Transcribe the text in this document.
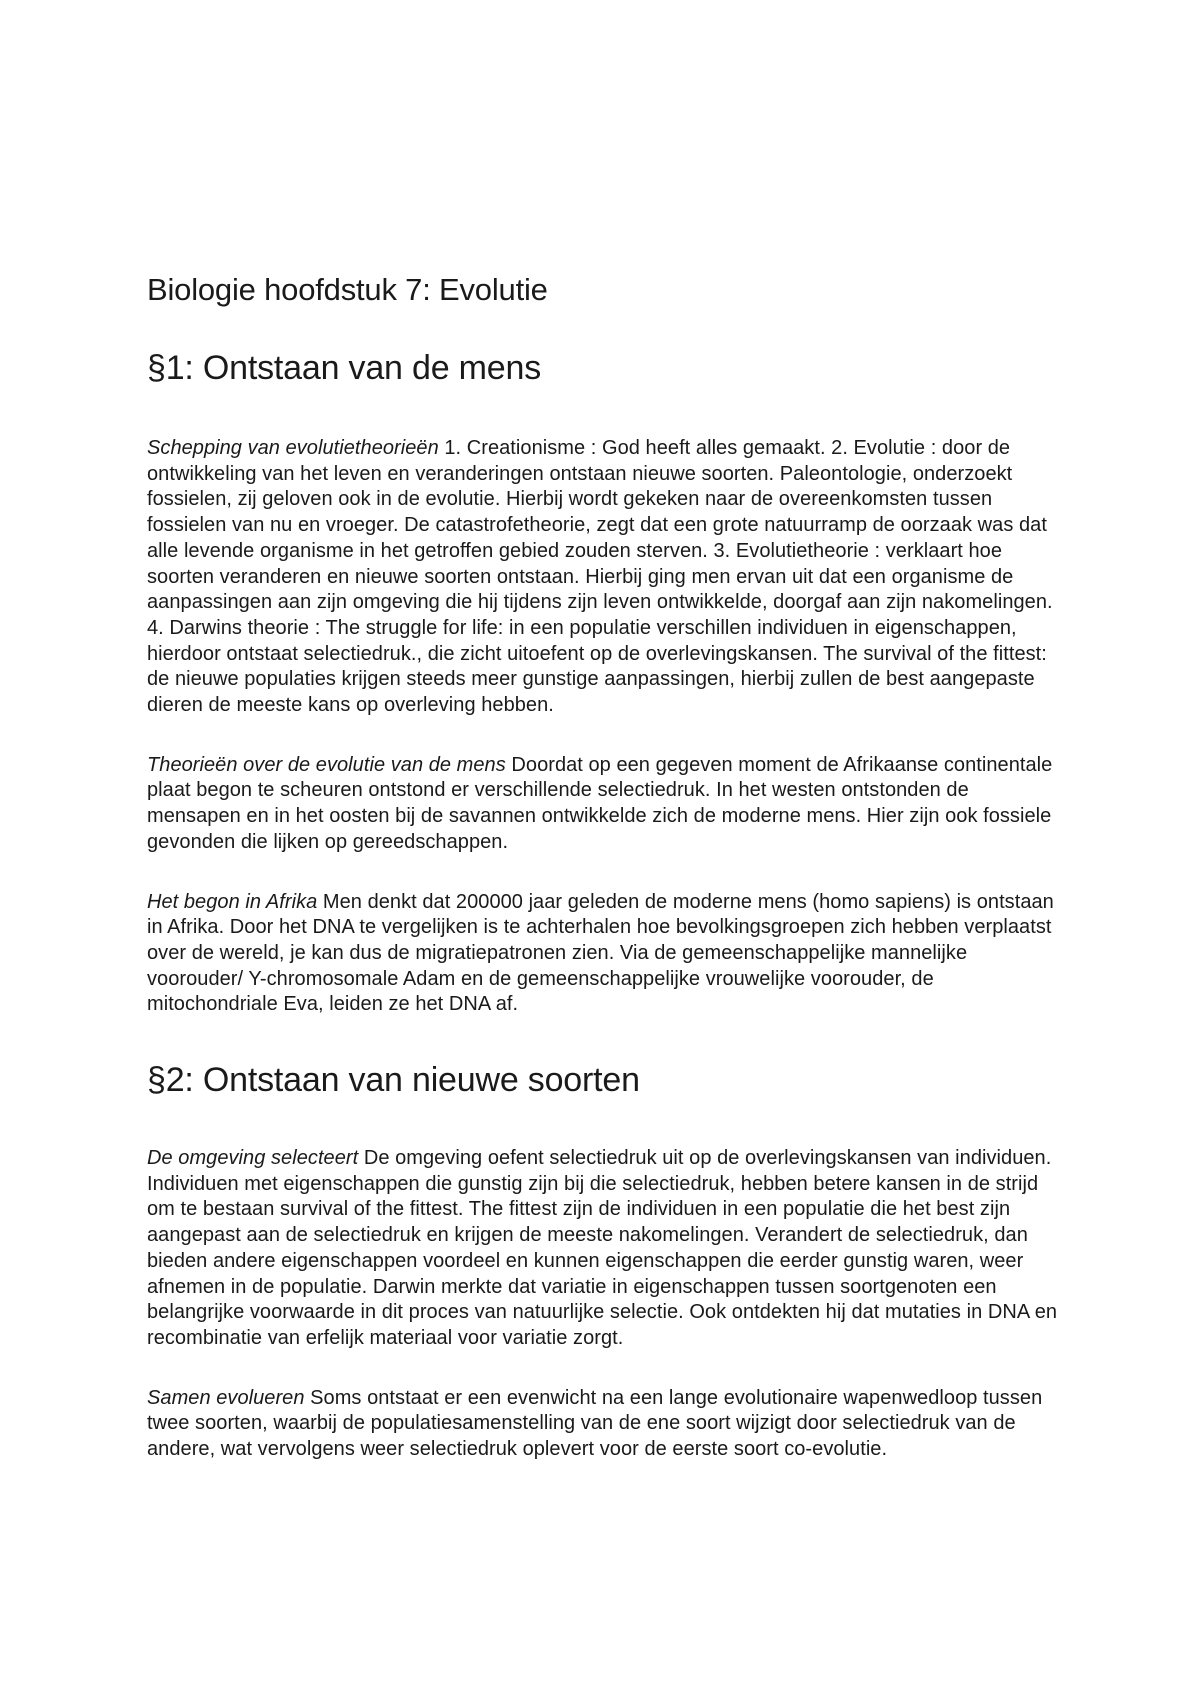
Biologie hoofdstuk 7: Evolutie
§1: Ontstaan van de mens

Schepping van evolutietheorieën 1. Creationisme : God heeft alles gemaakt. 2. Evolutie : door de ontwikkeling van het leven en veranderingen ontstaan nieuwe soorten. Paleontologie, onderzoekt fossielen, zij geloven ook in de evolutie. Hierbij wordt gekeken naar de overeenkomsten tussen fossielen van nu en vroeger. De catastrofetheorie, zegt dat een grote natuurramp de oorzaak was dat alle levende organisme in het getroffen gebied zouden sterven. 3. Evolutietheorie : verklaart hoe soorten veranderen en nieuwe soorten ontstaan. Hierbij ging men ervan uit dat een organisme de aanpassingen aan zijn omgeving die hij tijdens zijn leven ontwikkelde, doorgaf aan zijn nakomelingen. 4. Darwins theorie : The struggle for life: in een populatie verschillen individuen in eigenschappen, hierdoor ontstaat selectiedruk., die zicht uitoefent op de overlevingskansen. The survival of the fittest: de nieuwe populaties krijgen steeds meer gunstige aanpassingen, hierbij zullen de best aangepaste dieren de meeste kans op overleving hebben.

Theorieën over de evolutie van de mens Doordat op een gegeven moment de Afrikaanse continentale plaat begon te scheuren ontstond er verschillende selectiedruk. In het westen ontstonden de mensapen en in het oosten bij de savannen ontwikkelde zich de moderne mens. Hier zijn ook fossiele gevonden die lijken op gereedschappen.

Het begon in Afrika Men denkt dat 200000 jaar geleden de moderne mens (homo sapiens) is ontstaan in Afrika. Door het DNA te vergelijken is te achterhalen hoe bevolkingsgroepen zich hebben verplaatst over de wereld, je kan dus de migratiepatronen zien. Via de gemeenschappelijke mannelijke voorouder/ Y-chromosomale Adam en de gemeenschappelijke vrouwelijke voorouder, de mitochondriale Eva, leiden ze het DNA af.

§2: Ontstaan van nieuwe soorten

De omgeving selecteert De omgeving oefent selectiedruk uit op de overlevingskansen van individuen. Individuen met eigenschappen die gunstig zijn bij die selectiedruk, hebben betere kansen in de strijd om te bestaan survival of the fittest. The fittest zijn de individuen in een populatie die het best zijn aangepast aan de selectiedruk en krijgen de meeste nakomelingen. Verandert de selectiedruk, dan bieden andere eigenschappen voordeel en kunnen eigenschappen die eerder gunstig waren, weer afnemen in de populatie. Darwin merkte dat variatie in eigenschappen tussen soortgenoten een belangrijke voorwaarde in dit proces van natuurlijke selectie. Ook ontdekten hij dat mutaties in DNA en recombinatie van erfelijk materiaal voor variatie zorgt.

Samen evolueren Soms ontstaat er een evenwicht na een lange evolutionaire wapenwedloop tussen twee soorten, waarbij de populatiesamenstelling van de ene soort wijzigt door selectiedruk van de andere, wat vervolgens weer selectiedruk oplevert voor de eerste soort co-evolutie.
